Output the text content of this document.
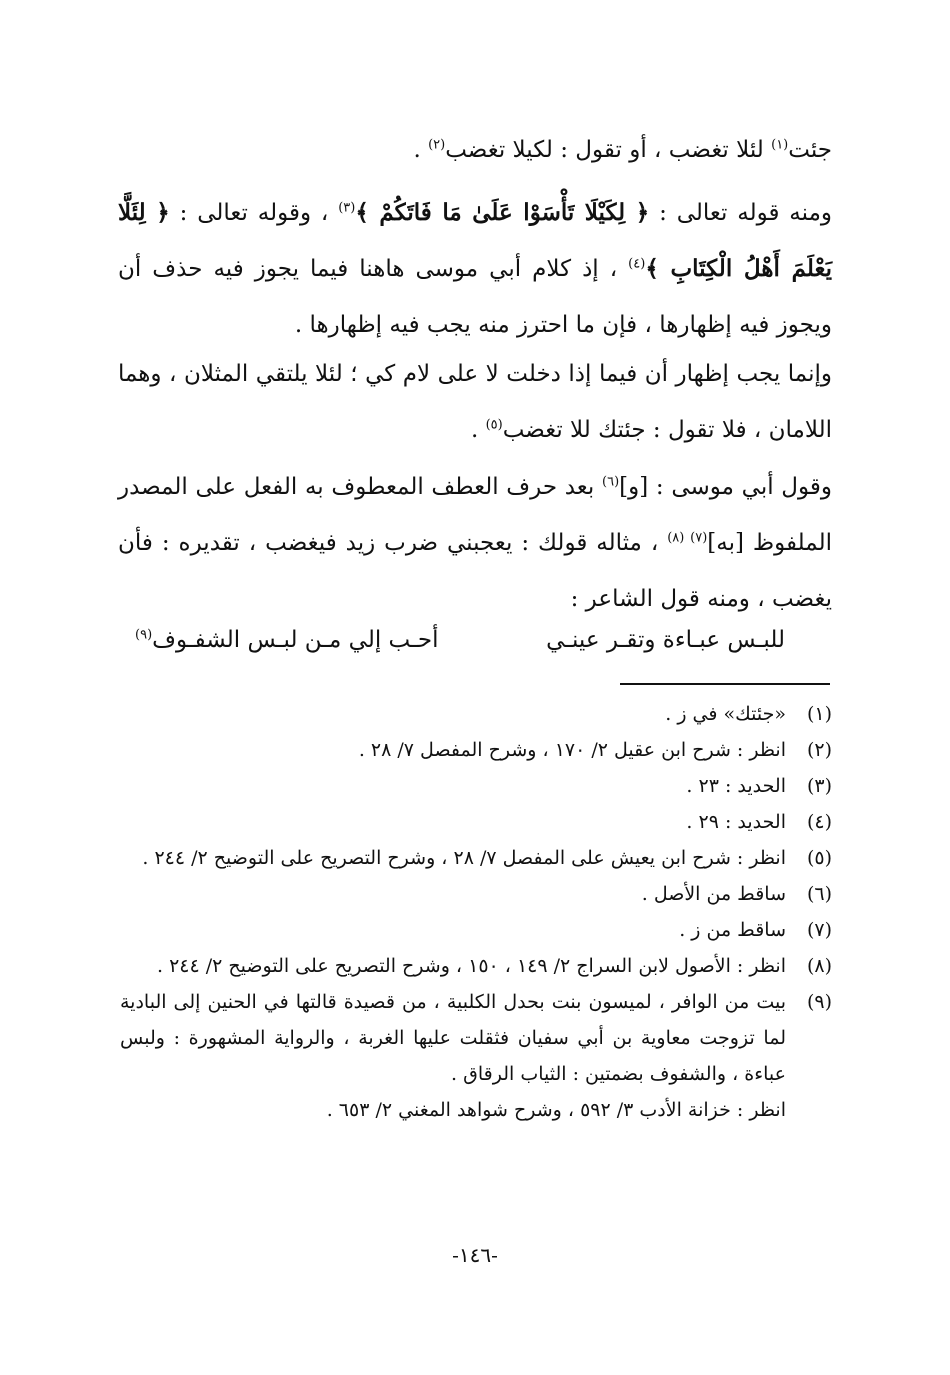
جئت$^{(١)}$ لئلا تغضب ، أو تقول : لكيلا تغضب$^{(٢)}$ .

ومنه قوله تعالى : ﴿ لِكَيْلَا تَأْسَوْا عَلَىٰ مَا فَاتَكُمْ ﴾$^{(٣)}$ ، وقوله تعالى : ﴿ لِئَلَّا يَعْلَمَ أَهْلُ الْكِتَابِ ﴾$^{(٤)}$ ، إذ كلام أبي موسى هاهنا فيما يجوز فيه حذف أن ويجوز فيه إظهارها ، فإن ما احترز منه يجب فيه إظهارها .

وإنما يجب إظهار أن فيما إذا دخلت لا على لام كي ؛ لئلا يلتقي المثلان ، وهما اللامان ، فلا تقول : جئتك للا تغضب$^{(٥)}$ .

وقول أبي موسى : [و]$^{(٦)}$ بعد حرف العطف المعطوف به الفعل على المصدر الملفوظ [به]$^{(٧) (٨)}$ ، مثاله قولك : يعجبني ضرب زيد فيغضب ، تقديره : فأن يغضب ، ومنه قول الشاعر :

للبـس عبـاءة وتقـر عينـي
أحـب إلي مـن لبـس الشفـوف$^{(٩)}$
(١)
«جئتك» في ز .
(٢)
انظر : شرح ابن عقيل ٢/ ١٧٠ ، وشرح المفصل ٧/ ٢٨ .
(٣)
الحديد : ٢٣ .
(٤)
الحديد : ٢٩ .
(٥)
انظر : شرح ابن يعيش على المفصل ٧/ ٢٨ ، وشرح التصريح على التوضيح ٢/ ٢٤٤ .
(٦)
ساقط من الأصل .
(٧)
ساقط من ز .
(٨)
انظر : الأصول لابن السراج ٢/ ١٤٩ ، ١٥٠ ، وشرح التصريح على التوضيح ٢/ ٢٤٤ .
(٩)
بيت من الوافر ، لميسون بنت بحدل الكلبية ، من قصيدة قالتها في الحنين إلى البادية لما تزوجت معاوية بن أبي سفيان فثقلت عليها الغربة ، والرواية المشهورة : ولبس عباءة ، والشفوف بضمتين : الثياب الرقاق .
انظر : خزانة الأدب ٣/ ٥٩٢ ، وشرح شواهد المغني ٢/ ٦٥٣ .
-١٤٦-
